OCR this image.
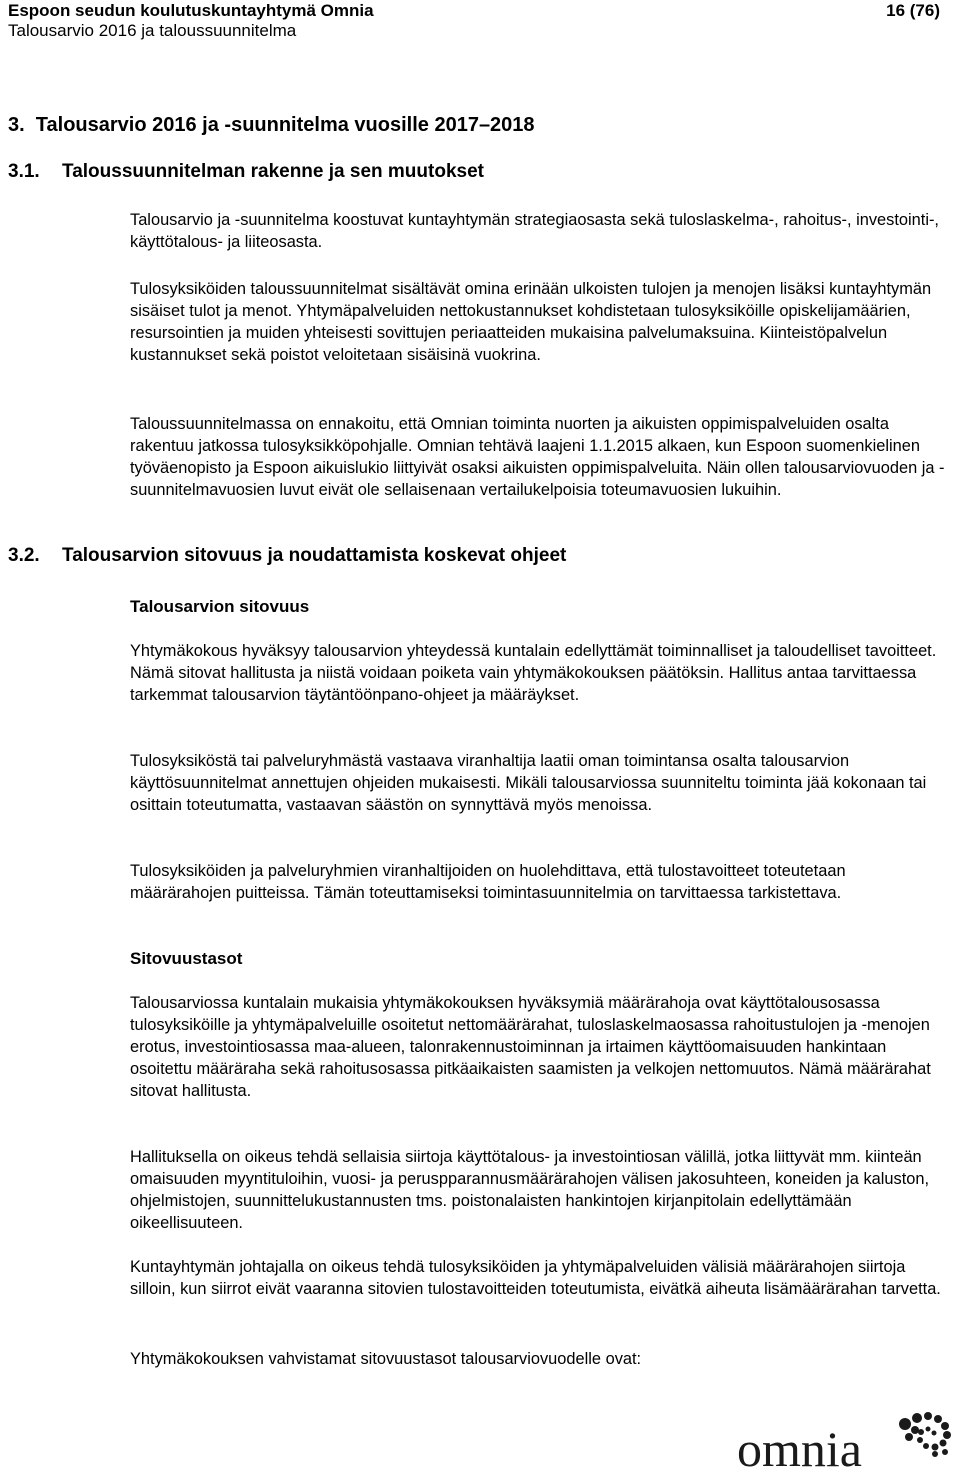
Espoon seudun koulutuskuntayhtymä Omnia
Talousarvio 2016 ja taloussuunnitelma
16 (76)
3.  Talousarvio 2016 ja -suunnitelma vuosille 2017–2018
3.1. Taloussuunnitelman rakenne ja sen muutokset

Talousarvio ja -suunnitelma koostuvat kuntayhtymän strategiaosasta sekä tuloslaskelma-, rahoitus-, investointi-, käyttötalous- ja liiteosasta.

Tulosyksiköiden taloussuunnitelmat sisältävät omina erinään ulkoisten tulojen ja menojen lisäksi kuntayhtymän sisäiset tulot ja menot. Yhtymäpalveluiden nettokustannukset kohdistetaan tulosyksiköille opiskelijamäärien, resursointien ja muiden yhteisesti sovittujen periaatteiden mukaisina palvelumaksuina. Kiinteistöpalvelun kustannukset sekä poistot veloitetaan sisäisinä vuokrina.

Taloussuunnitelmassa on ennakoitu, että Omnian toiminta nuorten ja aikuisten oppimispalveluiden osalta rakentuu jatkossa tulosyksikköpohjalle. Omnian tehtävä laajeni 1.1.2015 alkaen, kun Espoon suomenkielinen työväenopisto ja Espoon aikuislukio liittyivät osaksi aikuisten oppimispalveluita. Näin ollen talousarviovuoden ja -suunnitelmavuosien luvut eivät ole sellaisenaan vertailukelpoisia toteumavuosien lukuihin.

3.2. Talousarvion sitovuus ja noudattamista koskevat ohjeet
Talousarvion sitovuus

Yhtymäkokous hyväksyy talousarvion yhteydessä kuntalain edellyttämät toiminnalliset ja taloudelliset tavoitteet. Nämä sitovat hallitusta ja niistä voidaan poiketa vain yhtymäkokouksen päätöksin. Hallitus antaa tarvittaessa tarkemmat talousarvion täytäntöönpano-ohjeet ja määräykset.

Tulosyksiköstä tai palveluryhmästä vastaava viranhaltija laatii oman toimintansa osalta talousarvion käyttösuunnitelmat annettujen ohjeiden mukaisesti. Mikäli talousarviossa suunniteltu toiminta jää kokonaan tai osittain toteutumatta, vastaavan säästön on synnyttävä myös menoissa.

Tulosyksiköiden ja palveluryhmien viranhaltijoiden on huolehdittava, että tulostavoitteet toteutetaan määrärahojen puitteissa. Tämän toteuttamiseksi toimintasuunnitelmia on tarvittaessa tarkistettava.

Sitovuustasot

Talousarviossa kuntalain mukaisia yhtymäkokouksen hyväksymiä määrärahoja ovat käyttötalousosassa tulosyksiköille ja yhtymäpalveluille osoitetut nettomäärärahat, tuloslaskelmaosassa rahoitustulojen ja -menojen erotus, investointiosassa maa-alueen, talonrakennustoiminnan ja irtaimen käyttöomaisuuden hankintaan osoitettu määräraha sekä rahoitusosassa pitkäaikaisten saamisten ja velkojen nettomuutos. Nämä määrärahat sitovat hallitusta.

Hallituksella on oikeus tehdä sellaisia siirtoja käyttötalous- ja investointiosan välillä, jotka liittyvät mm. kiinteän omaisuuden myyntituloihin, vuosi- ja peruspparannusmäärärahojen välisen jakosuhteen, koneiden ja kaluston, ohjelmistojen, suunnittelukustannusten tms. poistonalaisten hankintojen kirjanpitolain edellyttämään oikeellisuuteen.

Kuntayhtymän johtajalla on oikeus tehdä tulosyksiköiden ja yhtymäpalveluiden välisiä määrärahojen siirtoja silloin, kun siirrot eivät vaaranna sitovien tulostavoitteiden toteutumista, eivätkä aiheuta lisämäärärahan tarvetta.

Yhtymäkokouksen vahvistamat sitovuustasot talousarviovuodelle ovat:

omnia
